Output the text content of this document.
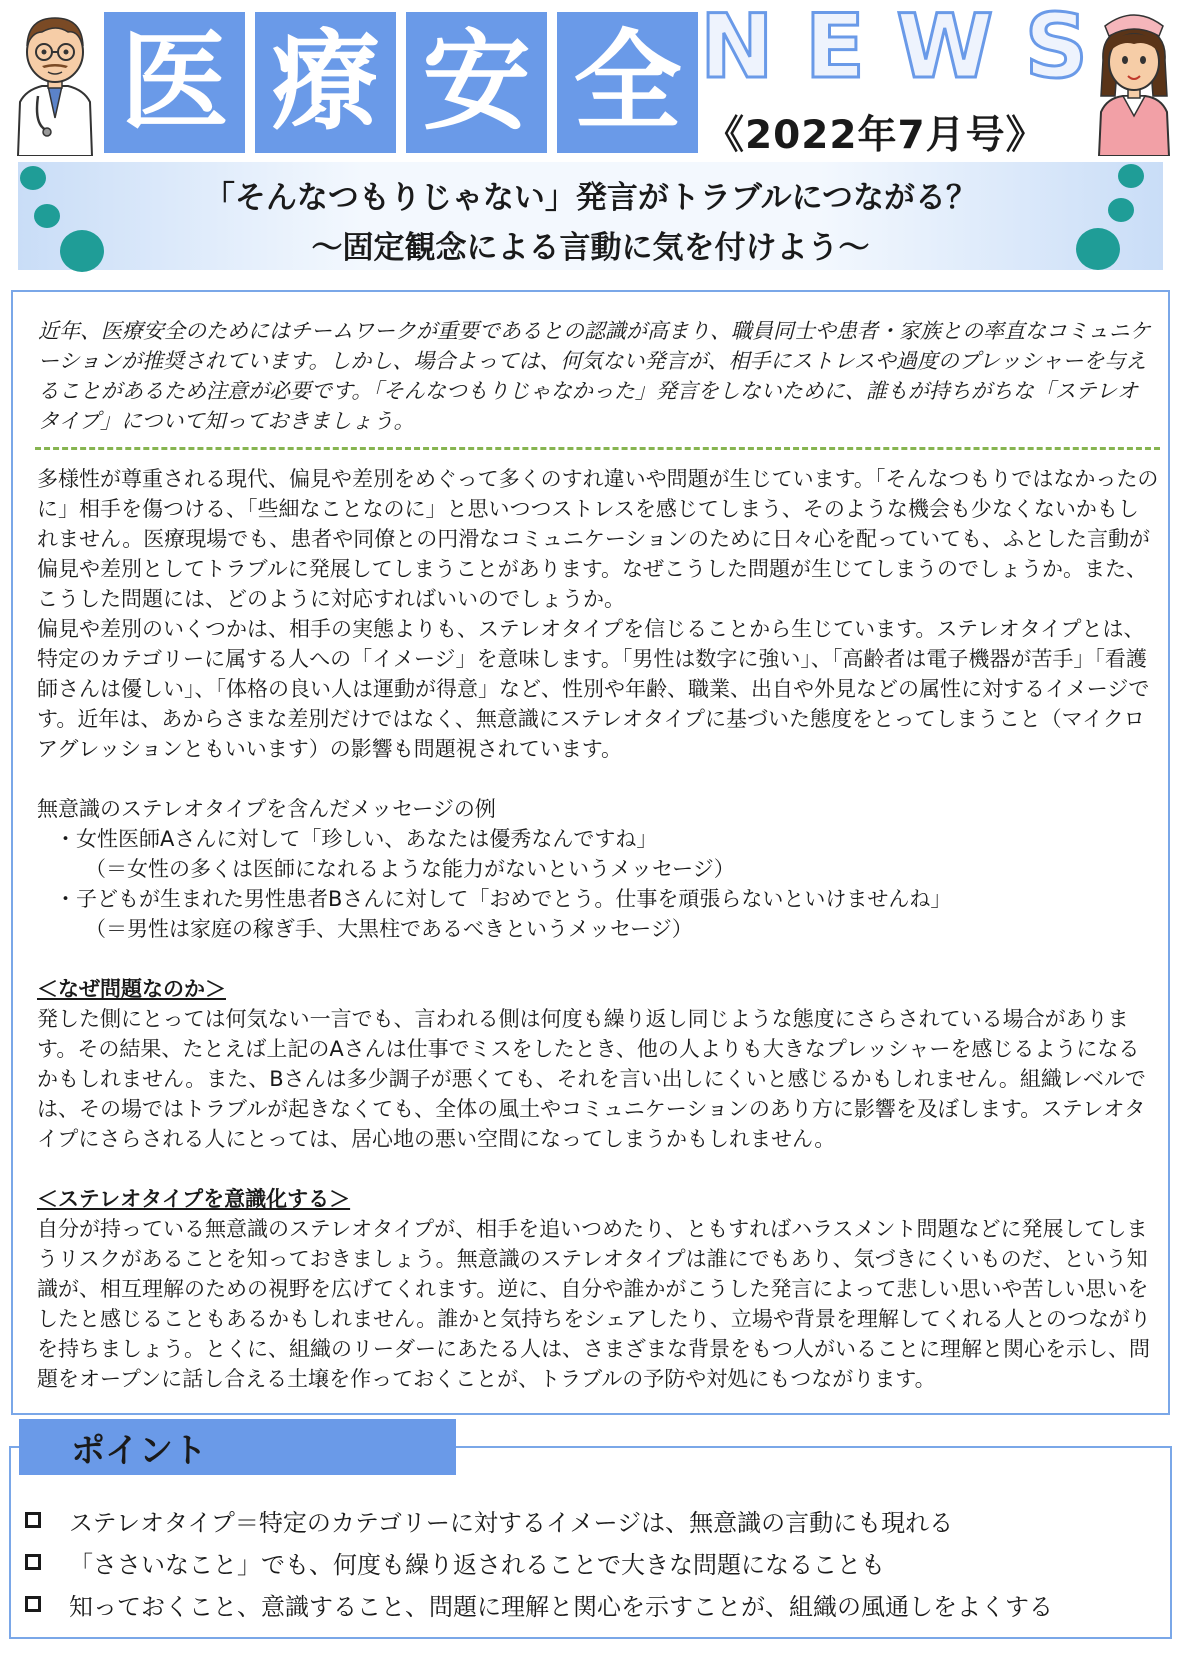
医 療 安 全 N E W S
《2022年7月号》
「そんなつもりじゃない」発言がトラブルにつながる？
～固定観念による言動に気を付けよう～
近年、医療安全のためにはチームワークが重要であるとの認識が高まり、職員同士や患者・家族との率直なコミュニケーションが推奨されています。しかし、場合よっては、何気ない発言が、相手にストレスや過度のプレッシャーを与えることがあるため注意が必要です。「そんなつもりじゃなかった」発言をしないために、誰もが持ちがちな「ステレオタイプ」について知っておきましょう。

多様性が尊重される現代、偏見や差別をめぐって多くのすれ違いや問題が生じています。「そんなつもりではなかったのに」相手を傷つける、「些細なことなのに」と思いつつストレスを感じてしまう、そのような機会も少なくないかもしれません。医療現場でも、患者や同僚との円滑なコミュニケーションのために日々心を配っていても、ふとした言動が偏見や差別としてトラブルに発展してしまうことがあります。なぜこうした問題が生じてしまうのでしょうか。また、こうした問題には、どのように対応すればいいのでしょうか。

偏見や差別のいくつかは、相手の実態よりも、ステレオタイプを信じることから生じています。ステレオタイプとは、特定のカテゴリーに属する人への「イメージ」を意味します。「男性は数字に強い」、「高齢者は電子機器が苦手」「看護師さんは優しい」、「体格の良い人は運動が得意」など、性別や年齢、職業、出自や外見などの属性に対するイメージです。近年は、あからさまな差別だけではなく、無意識にステレオタイプに基づいた態度をとってしまうこと（マイクロアグレッションともいいます）の影響も問題視されています。

無意識のステレオタイプを含んだメッセージの例

・女性医師Aさんに対して「珍しい、あなたは優秀なんですね」

（＝女性の多くは医師になれるような能力がないというメッセージ）

・子どもが生まれた男性患者Bさんに対して「おめでとう。仕事を頑張らないといけませんね」

（＝男性は家庭の稼ぎ手、大黒柱であるべきというメッセージ）

＜なぜ問題なのか＞

発した側にとっては何気ない一言でも、言われる側は何度も繰り返し同じような態度にさらされている場合があります。その結果、たとえば上記のAさんは仕事でミスをしたとき、他の人よりも大きなプレッシャーを感じるようになるかもしれません。また、Bさんは多少調子が悪くても、それを言い出しにくいと感じるかもしれません。組織レベルでは、その場ではトラブルが起きなくても、全体の風土やコミュニケーションのあり方に影響を及ぼします。ステレオタイプにさらされる人にとっては、居心地の悪い空間になってしまうかもしれません。

＜ステレオタイプを意識化する＞

自分が持っている無意識のステレオタイプが、相手を追いつめたり、ともすればハラスメント問題などに発展してしまうリスクがあることを知っておきましょう。無意識のステレオタイプは誰にでもあり、気づきにくいものだ、という知識が、相互理解のための視野を広げてくれます。逆に、自分や誰かがこうした発言によって悲しい思いや苦しい思いをしたと感じることもあるかもしれません。誰かと気持ちをシェアしたり、立場や背景を理解してくれる人とのつながりを持ちましょう。とくに、組織のリーダーにあたる人は、さまざまな背景をもつ人がいることに理解と関心を示し、問題をオープンに話し合える土壌を作っておくことが、トラブルの予防や対処にもつながります。

ステレオタイプ＝特定のカテゴリーに対するイメージは、無意識の言動にも現れる
「ささいなこと」でも、何度も繰り返されることで大きな問題になることも
知っておくこと、意識すること、問題に理解と関心を示すことが、組織の風通しをよくする
ポイント
